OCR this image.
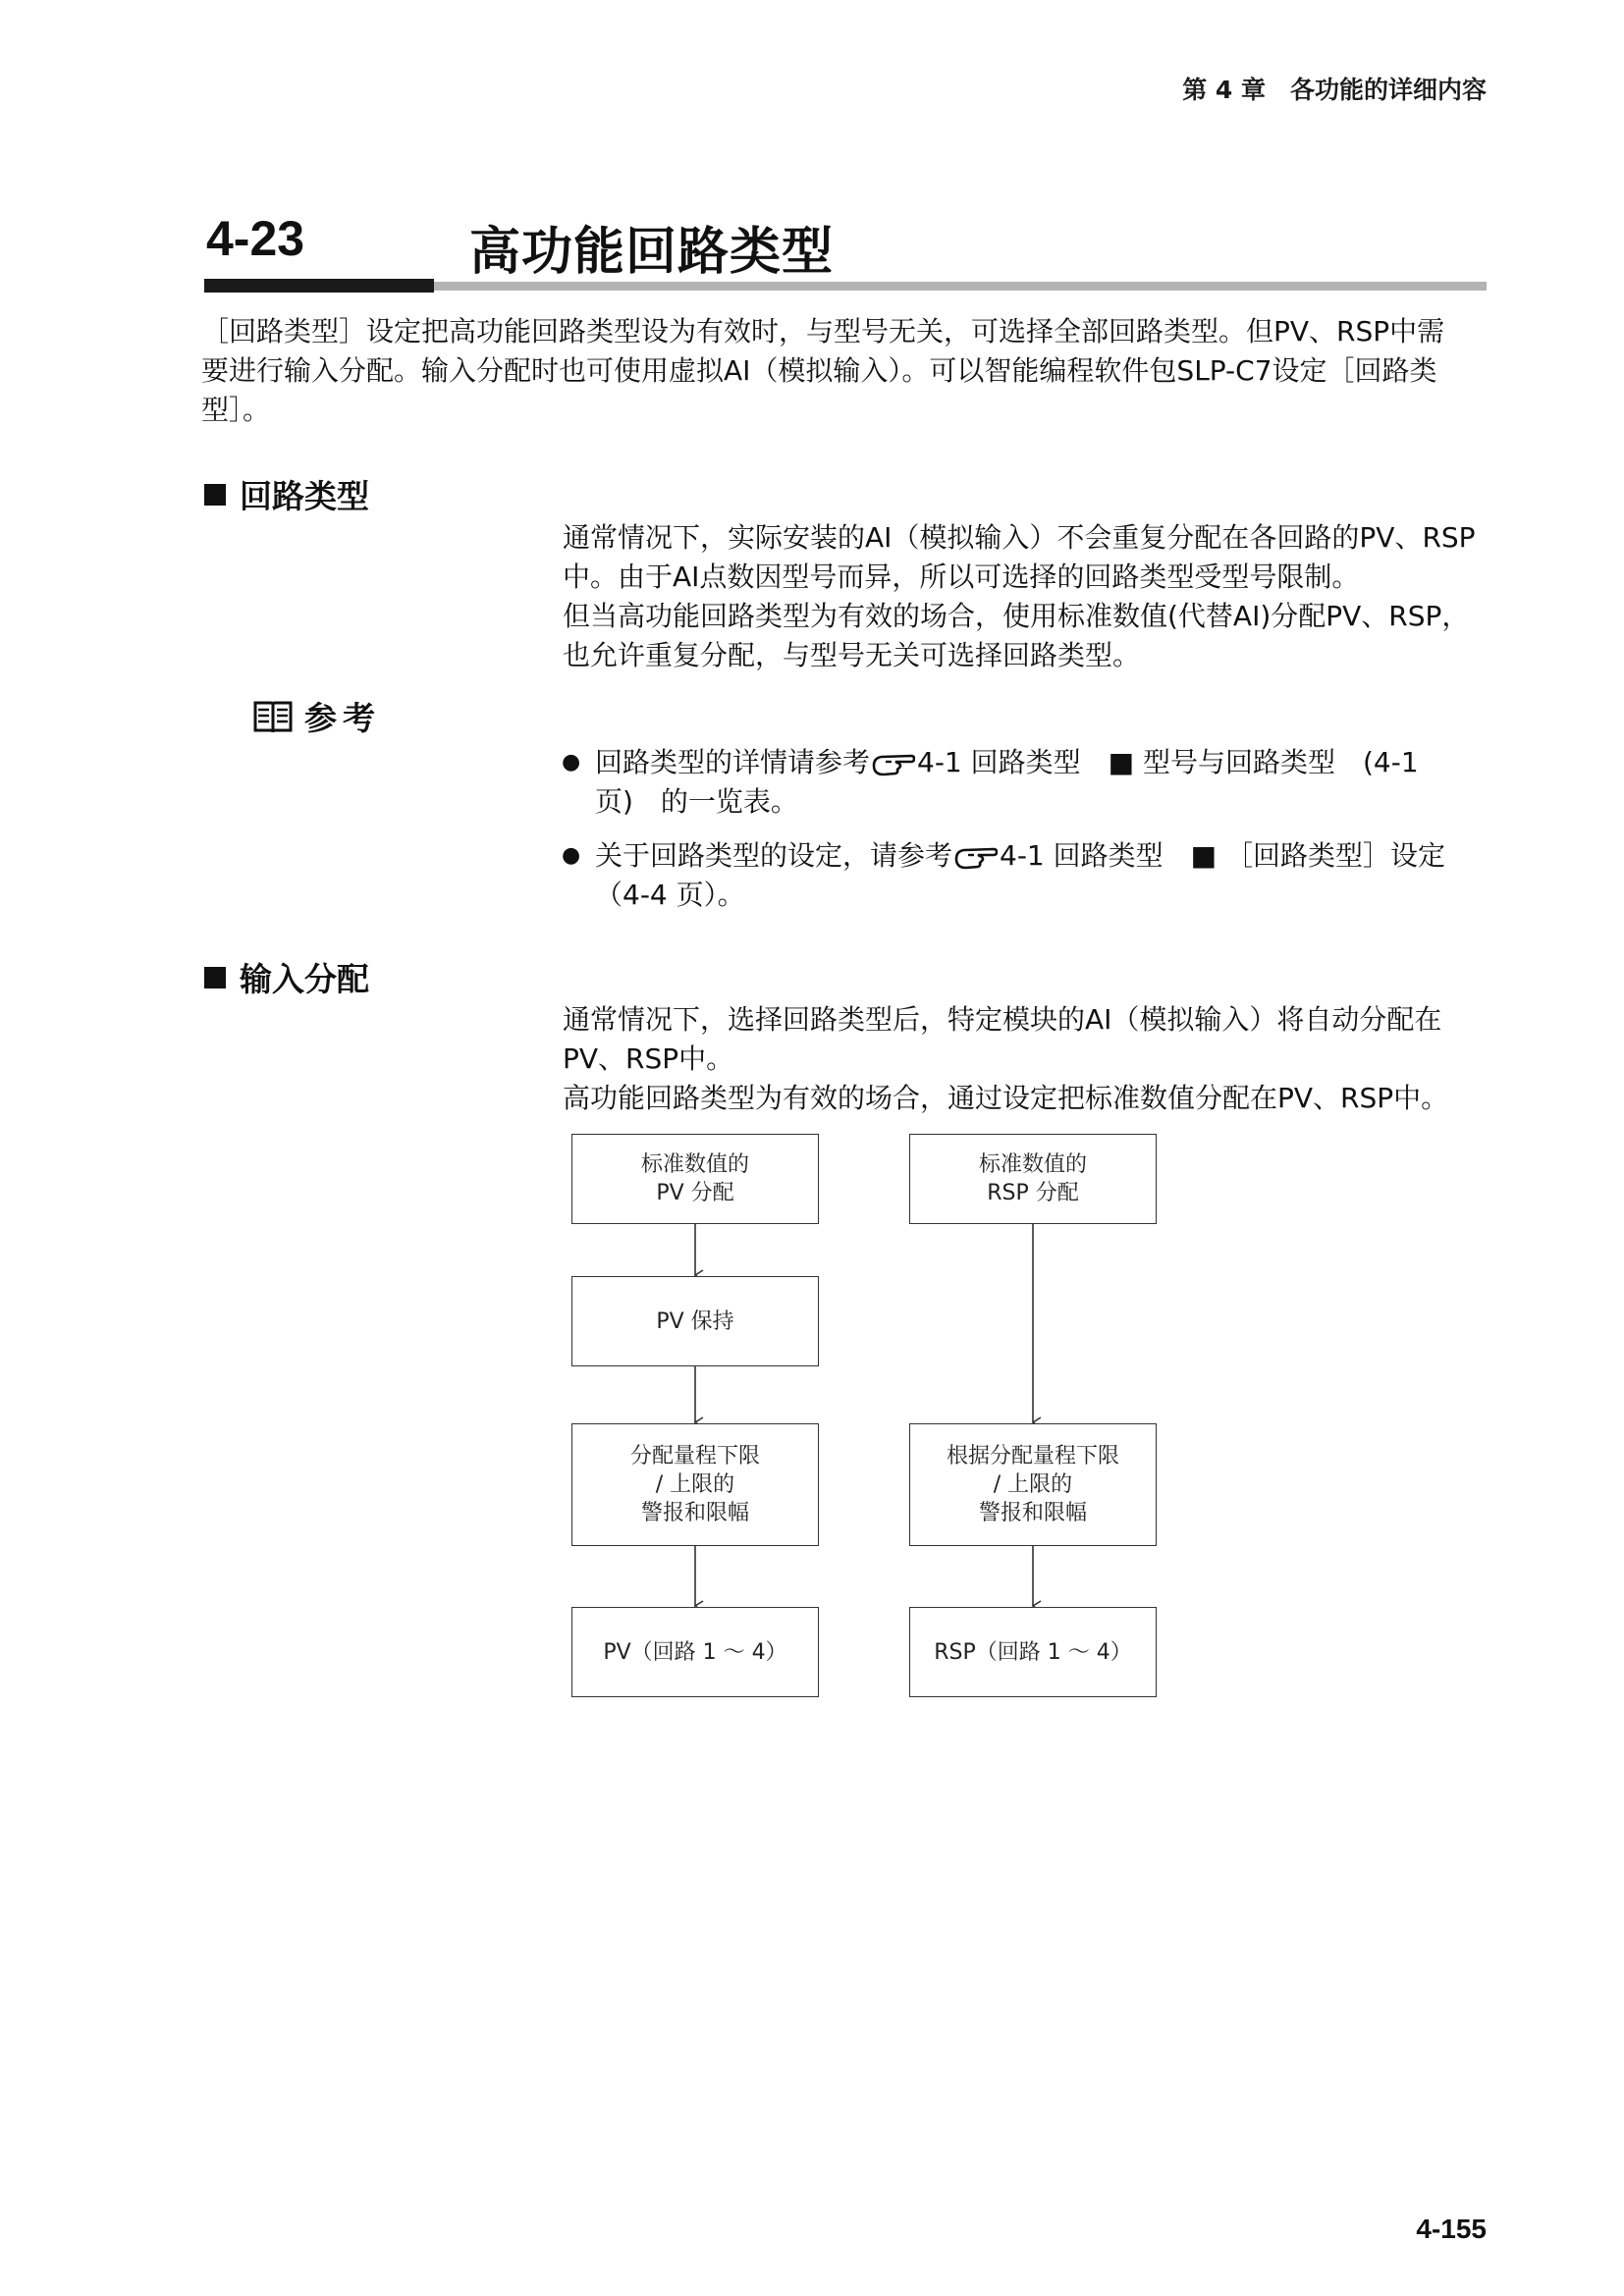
第 4 章　各功能的详细内容
4-23	高功能回路类型
［回路类型］设定把高功能回路类型设为有效时，与型号无关，可选择全部回路类型。但PV、RSP中需
要进行输入分配。输入分配时也可使用虚拟AI（模拟输入）。可以智能编程软件包SLP-C7设定［回路类
型］。
回路类型
通常情况下，实际安装的AI（模拟输入）不会重复分配在各回路的PV、RSP
中。由于AI点数因型号而异，所以可选择的回路类型受型号限制。
但当高功能回路类型为有效的场合，使用标准数值(代替AI)分配PV、RSP，
也允许重复分配，与型号无关可选择回路类型。
参考
● 回路类型的详情请参考 4-1 回路类型　■ 型号与回路类型　(4-1
页)　的一览表。
● 关于回路类型的设定，请参考 4-1 回路类型　■ ［回路类型］设定
（4-4 页）。
输入分配
通常情况下，选择回路类型后，特定模块的AI（模拟输入）将自动分配在
PV、RSP中。
高功能回路类型为有效的场合，通过设定把标准数值分配在PV、RSP中。
标准数值的
PV 分配
PV 保持
分配量程下限
/ 上限的
警报和限幅
PV（回路 1 ～ 4）
标准数值的
RSP 分配
根据分配量程下限
/ 上限的
警报和限幅
RSP（回路 1 ～ 4）
4-155
